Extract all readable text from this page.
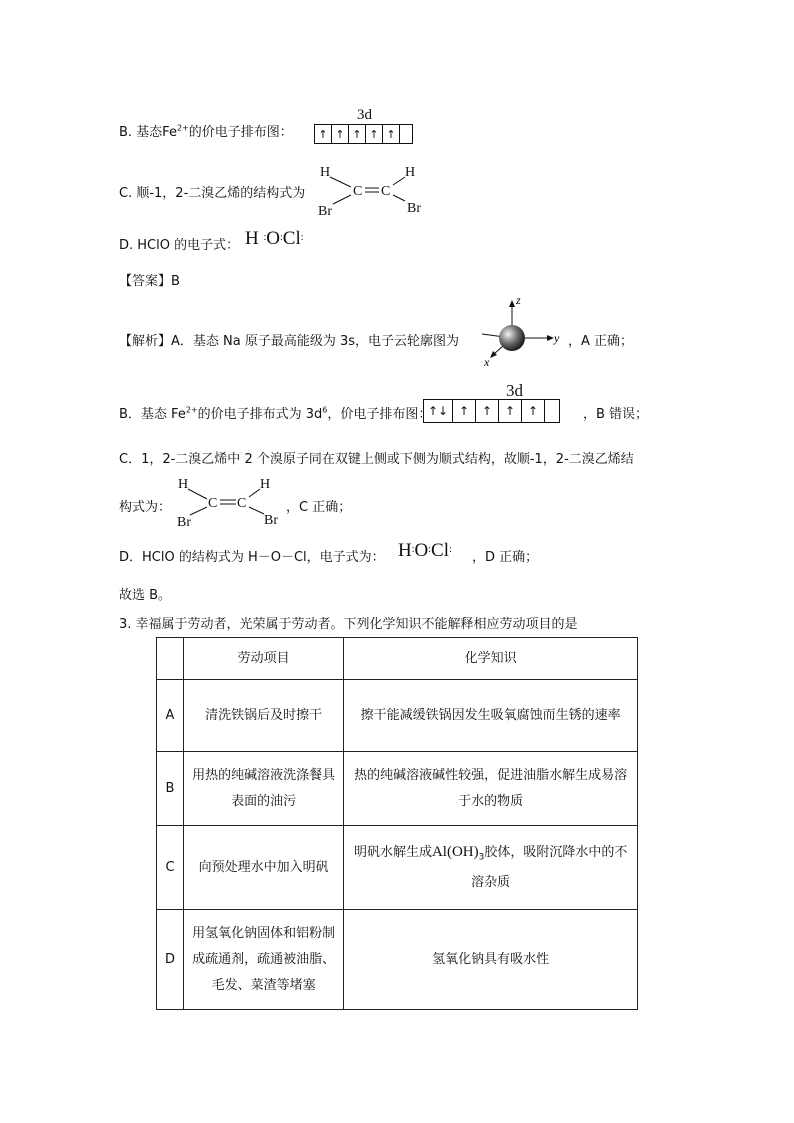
3d
B. 基态$Fe^{2+}$的价电子排布图：	↑ ↑ ↑ ↑ ↑
C. 顺-1，2-二溴乙烯的结构式为
H	H
C C
Br	Br
D. HClO 的电子式： H :O:Cl:
【答案】B
【解析】A．基态 Na 原子最高能级为 3s，电子云轮廓图为
z
y
x
，A 正确；
3d
B．基态 $Fe^{2+}$的价电子排布式为 $3d^6$，价电子排布图：
↑↓ ↑	↑	↑	↑	，B 错误；
C．1，2-二溴乙烯中 2 个溴原子同在双键上侧或下侧为顺式结构，故顺-1，2-二溴乙烯结
构式为：
H	H
C C
Br	Br
，C 正确；
D．HClO 的结构式为 H－O－Cl，电子式为： H:O:Cl:
，D 正确；
故选 B。
3. 幸福属于劳动者，光荣属于劳动者。下列化学知识不能解释相应劳动项目的是
	劳动项目	化学知识
A	清洗铁锅后及时擦干	擦干能减缓铁锅因发生吸氧腐蚀而生锈的速率
B	用热的纯碱溶液洗涤餐具表面的油污	热的纯碱溶液碱性较强，促进油脂水解生成易溶于水的物质
C	向预处理水中加入明矾	明矾水解生成$Al(OH)_3$胶体，吸附沉降水中的不溶杂质
D	用氢氧化钠固体和铝粉制成疏通剂，疏通被油脂、毛发、菜渣等堵塞	氢氧化钠具有吸水性
